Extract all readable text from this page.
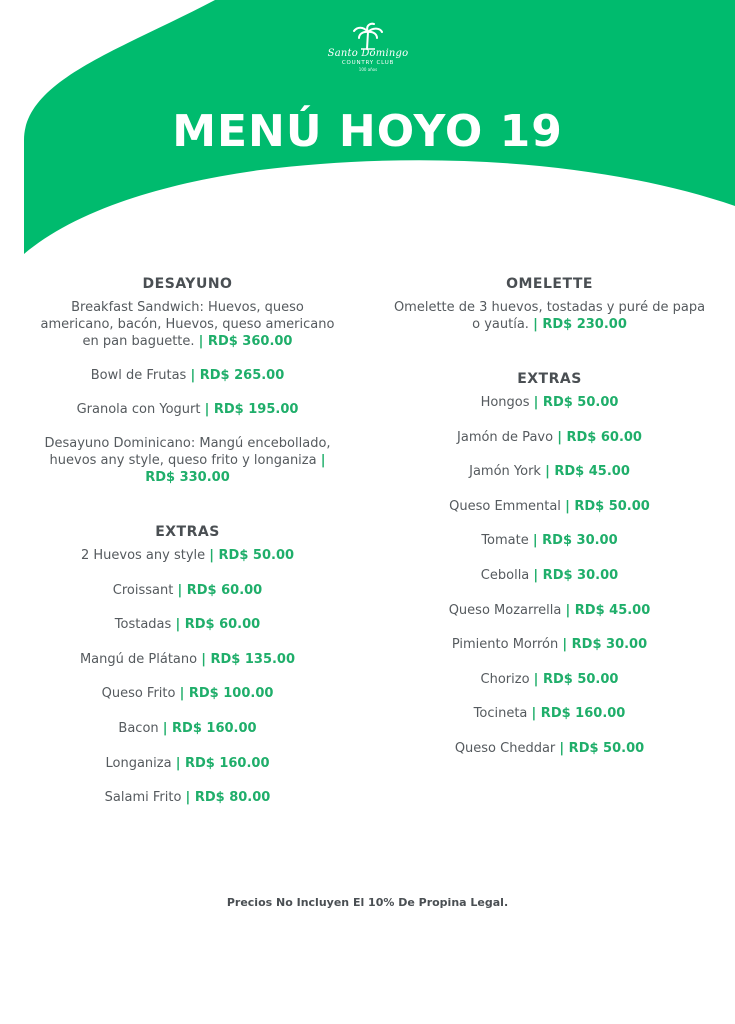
Santo Domingo
COUNTRY CLUB
100 años
MENÚ HOYO 19
DESAYUNO
Breakfast Sandwich: Huevos, queso americano, bacón, Huevos, queso americano en pan baguette. | RD$ 360.00
Bowl de Frutas | RD$ 265.00
Granola con Yogurt | RD$ 195.00
Desayuno Dominicano: Mangú encebollado, huevos any style, queso frito y longaniza | RD$ 330.00
EXTRAS
2 Huevos any style | RD$ 50.00
Croissant | RD$ 60.00
Tostadas | RD$ 60.00
Mangú de Plátano | RD$ 135.00
Queso Frito | RD$ 100.00
Bacon | RD$ 160.00
Longaniza | RD$ 160.00
Salami Frito | RD$ 80.00
OMELETTE
Omelette de 3 huevos, tostadas y puré de papa o yautía. | RD$ 230.00
EXTRAS
Hongos | RD$ 50.00
Jamón de Pavo | RD$ 60.00
Jamón York | RD$ 45.00
Queso Emmental | RD$ 50.00
Tomate | RD$ 30.00
Cebolla | RD$ 30.00
Queso Mozarrella | RD$ 45.00
Pimiento Morrón | RD$ 30.00
Chorizo | RD$ 50.00
Tocineta | RD$ 160.00
Queso Cheddar | RD$ 50.00
Precios No Incluyen El 10% De Propina Legal.
